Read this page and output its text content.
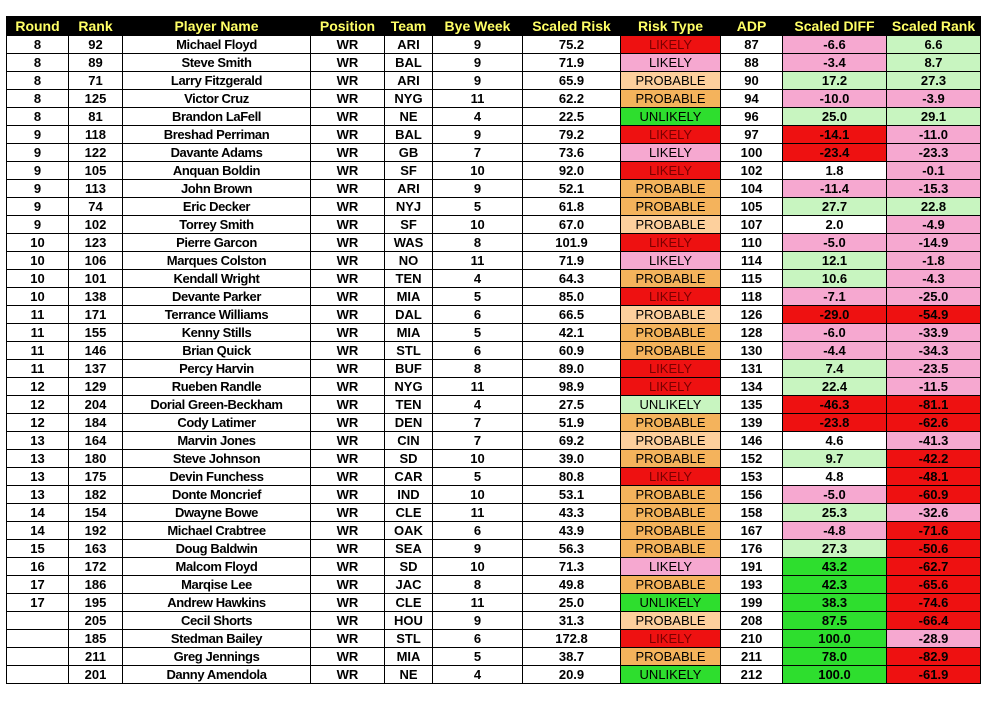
Round	Rank	Player Name	Position	Team	Bye Week	Scaled Risk	Risk Type	ADP	Scaled DIFF	Scaled Rank
8	92	Michael Floyd	WR	ARI	9	75.2	LIKELY	87	-6.6	6.6
8	89	Steve Smith	WR	BAL	9	71.9	LIKELY	88	-3.4	8.7
8	71	Larry Fitzgerald	WR	ARI	9	65.9	PROBABLE	90	17.2	27.3
8	125	Victor Cruz	WR	NYG	11	62.2	PROBABLE	94	-10.0	-3.9
8	81	Brandon LaFell	WR	NE	4	22.5	UNLIKELY	96	25.0	29.1
9	118	Breshad Perriman	WR	BAL	9	79.2	LIKELY	97	-14.1	-11.0
9	122	Davante Adams	WR	GB	7	73.6	LIKELY	100	-23.4	-23.3
9	105	Anquan Boldin	WR	SF	10	92.0	LIKELY	102	1.8	-0.1
9	113	John Brown	WR	ARI	9	52.1	PROBABLE	104	-11.4	-15.3
9	74	Eric Decker	WR	NYJ	5	61.8	PROBABLE	105	27.7	22.8
9	102	Torrey Smith	WR	SF	10	67.0	PROBABLE	107	2.0	-4.9
10	123	Pierre Garcon	WR	WAS	8	101.9	LIKELY	110	-5.0	-14.9
10	106	Marques Colston	WR	NO	11	71.9	LIKELY	114	12.1	-1.8
10	101	Kendall Wright	WR	TEN	4	64.3	PROBABLE	115	10.6	-4.3
10	138	Devante Parker	WR	MIA	5	85.0	LIKELY	118	-7.1	-25.0
11	171	Terrance Williams	WR	DAL	6	66.5	PROBABLE	126	-29.0	-54.9
11	155	Kenny Stills	WR	MIA	5	42.1	PROBABLE	128	-6.0	-33.9
11	146	Brian Quick	WR	STL	6	60.9	PROBABLE	130	-4.4	-34.3
11	137	Percy Harvin	WR	BUF	8	89.0	LIKELY	131	7.4	-23.5
12	129	Rueben Randle	WR	NYG	11	98.9	LIKELY	134	22.4	-11.5
12	204	Dorial Green-Beckham	WR	TEN	4	27.5	UNLIKELY	135	-46.3	-81.1
12	184	Cody Latimer	WR	DEN	7	51.9	PROBABLE	139	-23.8	-62.6
13	164	Marvin Jones	WR	CIN	7	69.2	PROBABLE	146	4.6	-41.3
13	180	Steve Johnson	WR	SD	10	39.0	PROBABLE	152	9.7	-42.2
13	175	Devin Funchess	WR	CAR	5	80.8	LIKELY	153	4.8	-48.1
13	182	Donte Moncrief	WR	IND	10	53.1	PROBABLE	156	-5.0	-60.9
14	154	Dwayne Bowe	WR	CLE	11	43.3	PROBABLE	158	25.3	-32.6
14	192	Michael Crabtree	WR	OAK	6	43.9	PROBABLE	167	-4.8	-71.6
15	163	Doug Baldwin	WR	SEA	9	56.3	PROBABLE	176	27.3	-50.6
16	172	Malcom Floyd	WR	SD	10	71.3	LIKELY	191	43.2	-62.7
17	186	Marqise Lee	WR	JAC	8	49.8	PROBABLE	193	42.3	-65.6
17	195	Andrew Hawkins	WR	CLE	11	25.0	UNLIKELY	199	38.3	-74.6
	205	Cecil Shorts	WR	HOU	9	31.3	PROBABLE	208	87.5	-66.4
	185	Stedman Bailey	WR	STL	6	172.8	LIKELY	210	100.0	-28.9
	211	Greg Jennings	WR	MIA	5	38.7	PROBABLE	211	78.0	-82.9
	201	Danny Amendola	WR	NE	4	20.9	UNLIKELY	212	100.0	-61.9
